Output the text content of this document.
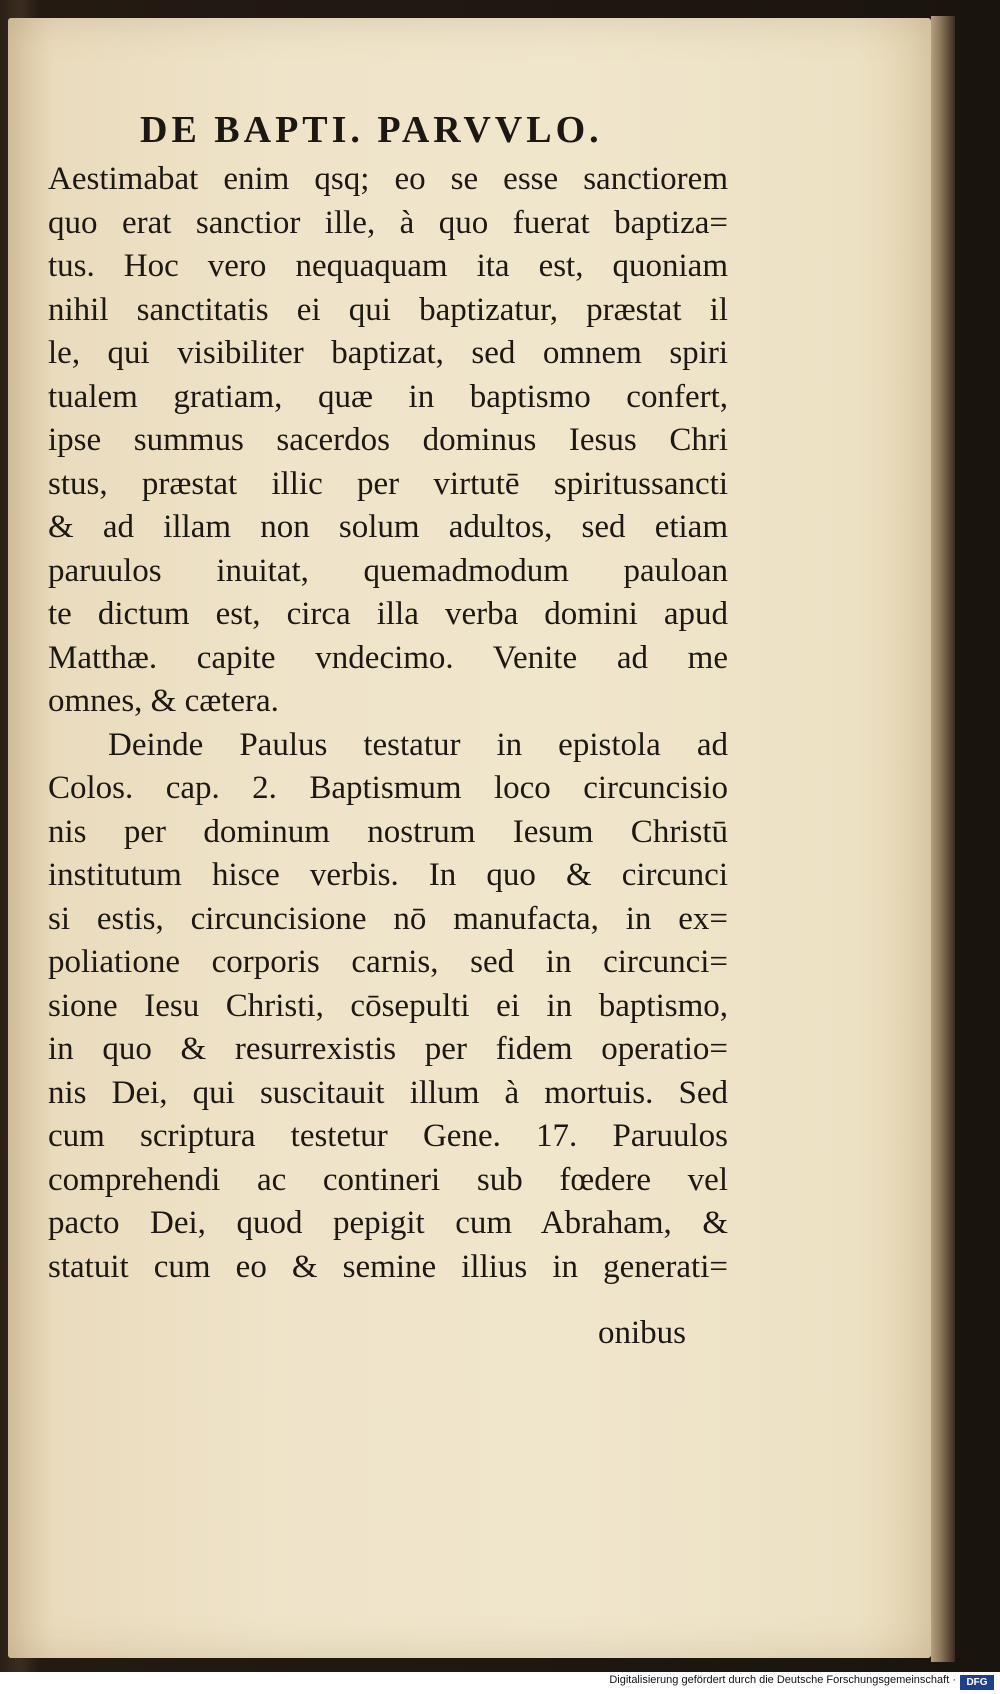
DE BAPTI. PARVVLO.
Aestimabat enim qsq; eo se esse sanctiorem
quo erat sanctior ille, à quo fuerat baptiza=
tus. Hoc vero nequaquam ita est, quoniam
nihil sanctitatis ei qui baptizatur, præstat il
le, qui visibiliter baptizat, sed omnem spiri
tualem gratiam, quæ in baptismo confert,
ipse summus sacerdos dominus Iesus Chri
stus, præstat illic per virtutē spiritussancti
& ad illam non solum adultos, sed etiam
paruulos inuitat, quemadmodum pauloan
te dictum est, circa illa verba domini apud
Matthæ. capite vndecimo. Venite ad me
omnes, & cætera.
Deinde Paulus testatur in epistola ad
Colos. cap. 2. Baptismum loco circuncisio
nis per dominum nostrum Iesum Christū
institutum hisce verbis. In quo & circunci
si estis, circuncisione nō manufacta, in ex=
poliatione corporis carnis, sed in circunci=
sione Iesu Christi, cōsepulti ei in baptismo,
in quo & resurrexistis per fidem operatio=
nis Dei, qui suscitauit illum à mortuis. Sed
cum scriptura testetur Gene. 17. Paruulos
comprehendi ac contineri sub fœdere vel
pacto Dei, quod pepigit cum Abraham, &
statuit cum eo & semine illius in generati=
onibus
Digitalisierung gefördert durch die Deutsche Forschungsgemeinschaft ·	DFG
